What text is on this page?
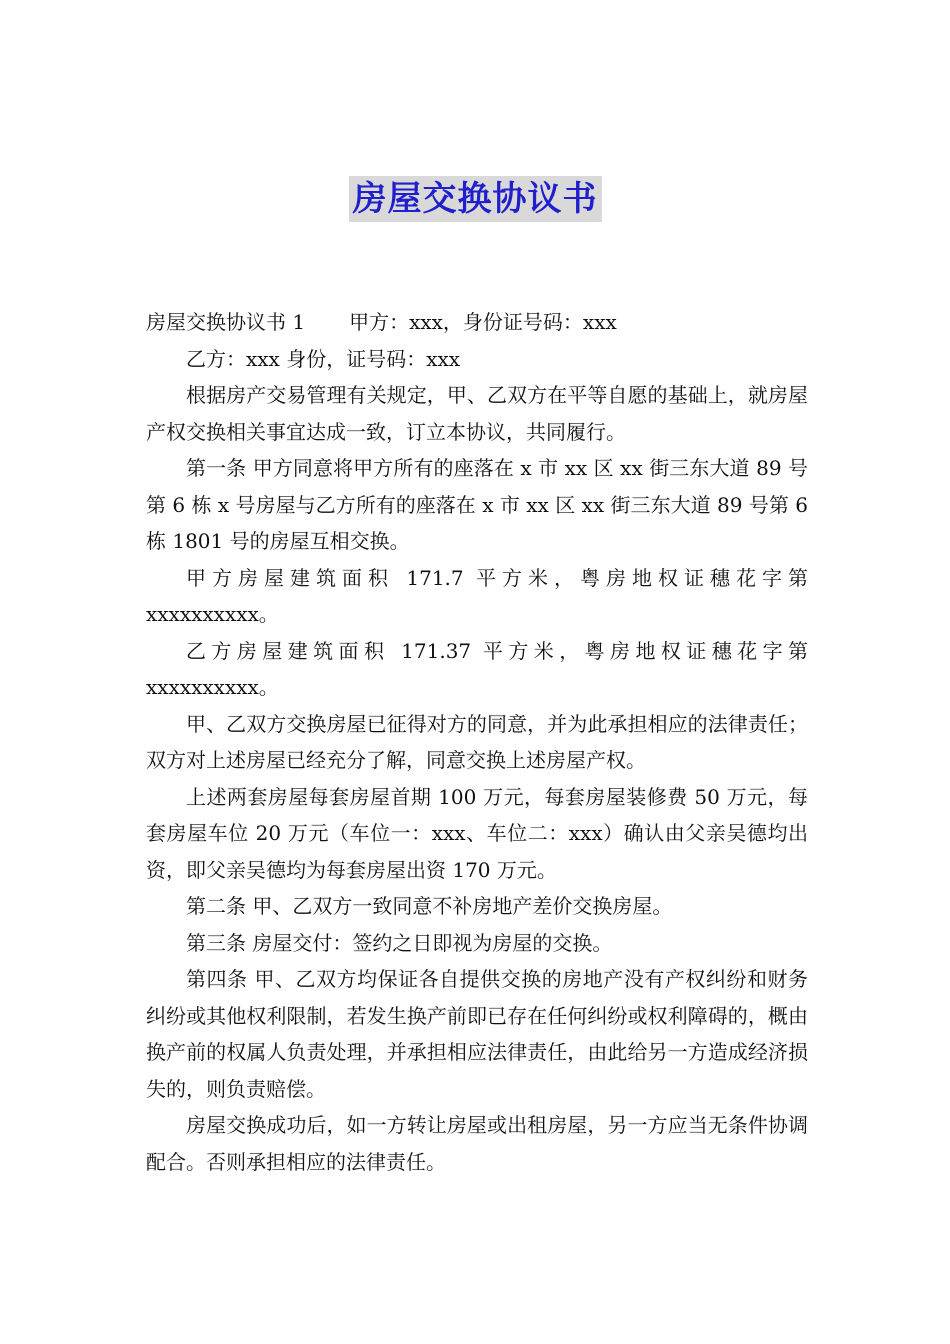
房屋交换协议书

房屋交换协议书 1 甲方：xxx，身份证号码：xxx

乙方：xxx 身份，证号码：xxx

根据房产交易管理有关规定，甲、乙双方在平等自愿的基础上，就房屋产权交换相关事宜达成一致，订立本协议，共同履行。

第一条 甲方同意将甲方所有的座落在 x 市 xx 区 xx 街三东大道 89 号第 6 栋 x 号房屋与乙方所有的座落在 x 市 xx 区 xx 街三东大道 89 号第 6 栋 1801 号的房屋互相交换。

甲方房屋建筑面积 171.7 平方米，粤房地权证穗花字第

xxxxxxxxxx。

乙方房屋建筑面积 171.37 平方米，粤房地权证穗花字第

xxxxxxxxxx。

甲、乙双方交换房屋已征得对方的同意，并为此承担相应的法律责任；双方对上述房屋已经充分了解，同意交换上述房屋产权。

上述两套房屋每套房屋首期 100 万元，每套房屋装修费 50 万元，每套房屋车位 20 万元（车位一：xxx、车位二：xxx）确认由父亲吴德均出资，即父亲吴德均为每套房屋出资 170 万元。

第二条 甲、乙双方一致同意不补房地产差价交换房屋。

第三条 房屋交付：签约之日即视为房屋的交换。

第四条 甲、乙双方均保证各自提供交换的房地产没有产权纠纷和财务纠纷或其他权利限制，若发生换产前即已存在任何纠纷或权利障碍的，概由换产前的权属人负责处理，并承担相应法律责任，由此给另一方造成经济损失的，则负责赔偿。

房屋交换成功后，如一方转让房屋或出租房屋，另一方应当无条件协调配合。否则承担相应的法律责任。
